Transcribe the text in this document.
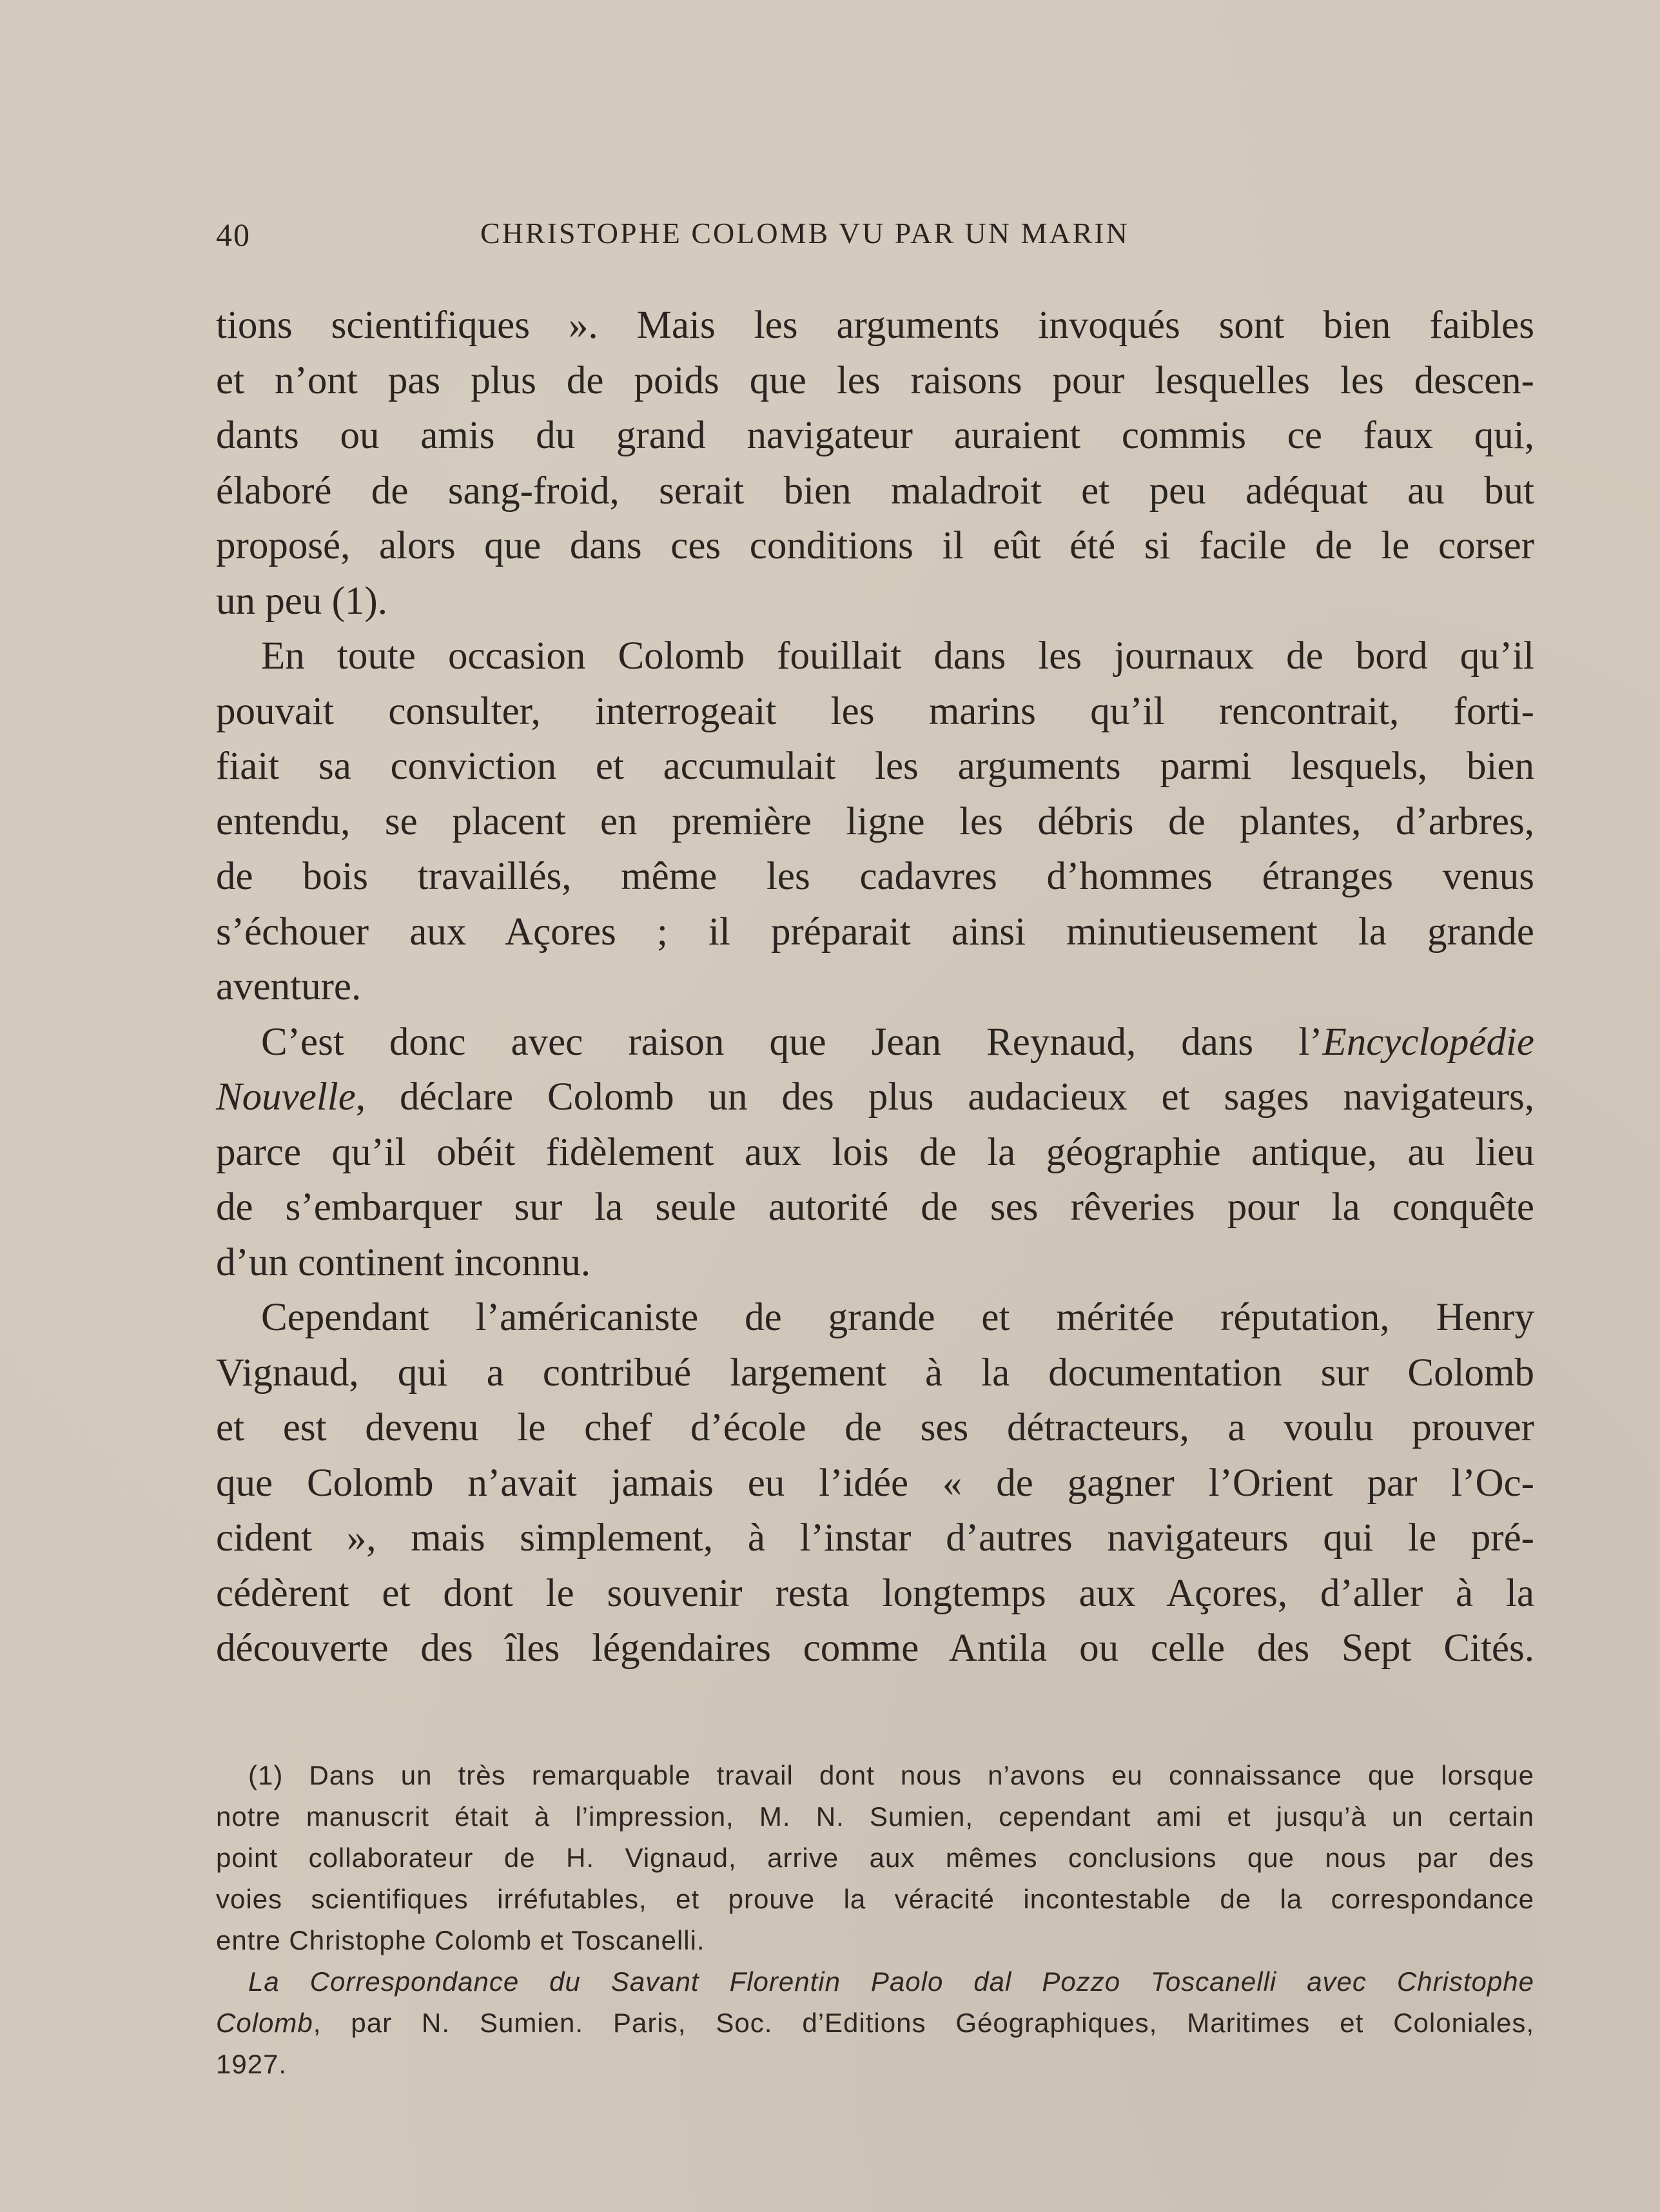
40	CHRISTOPHE COLOMB VU PAR UN MARIN
tions scientifiques ». Mais les arguments invoqués sont bien faibles
et n’ont pas plus de poids que les raisons pour lesquelles les descen-
dants ou amis du grand navigateur auraient commis ce faux qui,
élaboré de sang-froid, serait bien maladroit et peu adéquat au but
proposé, alors que dans ces conditions il eût été si facile de le corser
un peu (1).
En toute occasion Colomb fouillait dans les journaux de bord qu’il
pouvait consulter, interrogeait les marins qu’il rencontrait, forti-
fiait sa conviction et accumulait les arguments parmi lesquels, bien
entendu, se placent en première ligne les débris de plantes, d’arbres,
de bois travaillés, même les cadavres d’hommes étranges venus
s’échouer aux Açores ; il préparait ainsi minutieusement la grande
aventure.
C’est donc avec raison que Jean Reynaud, dans l’Encyclopédie
Nouvelle, déclare Colomb un des plus audacieux et sages navigateurs,
parce qu’il obéit fidèlement aux lois de la géographie antique, au lieu
de s’embarquer sur la seule autorité de ses rêveries pour la conquête
d’un continent inconnu.
Cependant l’américaniste de grande et méritée réputation, Henry
Vignaud, qui a contribué largement à la documentation sur Colomb
et est devenu le chef d’école de ses détracteurs, a voulu prouver
que Colomb n’avait jamais eu l’idée « de gagner l’Orient par l’Oc-
cident », mais simplement, à l’instar d’autres navigateurs qui le pré-
cédèrent et dont le souvenir resta longtemps aux Açores, d’aller à la
découverte des îles légendaires comme Antila ou celle des Sept Cités.
(1) Dans un très remarquable travail dont nous n’avons eu connaissance que lorsque
notre manuscrit était à l’impression, M. N. Sumien, cependant ami et jusqu’à un certain
point collaborateur de H. Vignaud, arrive aux mêmes conclusions que nous par des
voies scientifiques irréfutables, et prouve la véracité incontestable de la correspondance
entre Christophe Colomb et Toscanelli.
La Correspondance du Savant Florentin Paolo dal Pozzo Toscanelli avec Christophe
Colomb, par N. Sumien. Paris, Soc. d’Editions Géographiques, Maritimes et Coloniales,
1927.
